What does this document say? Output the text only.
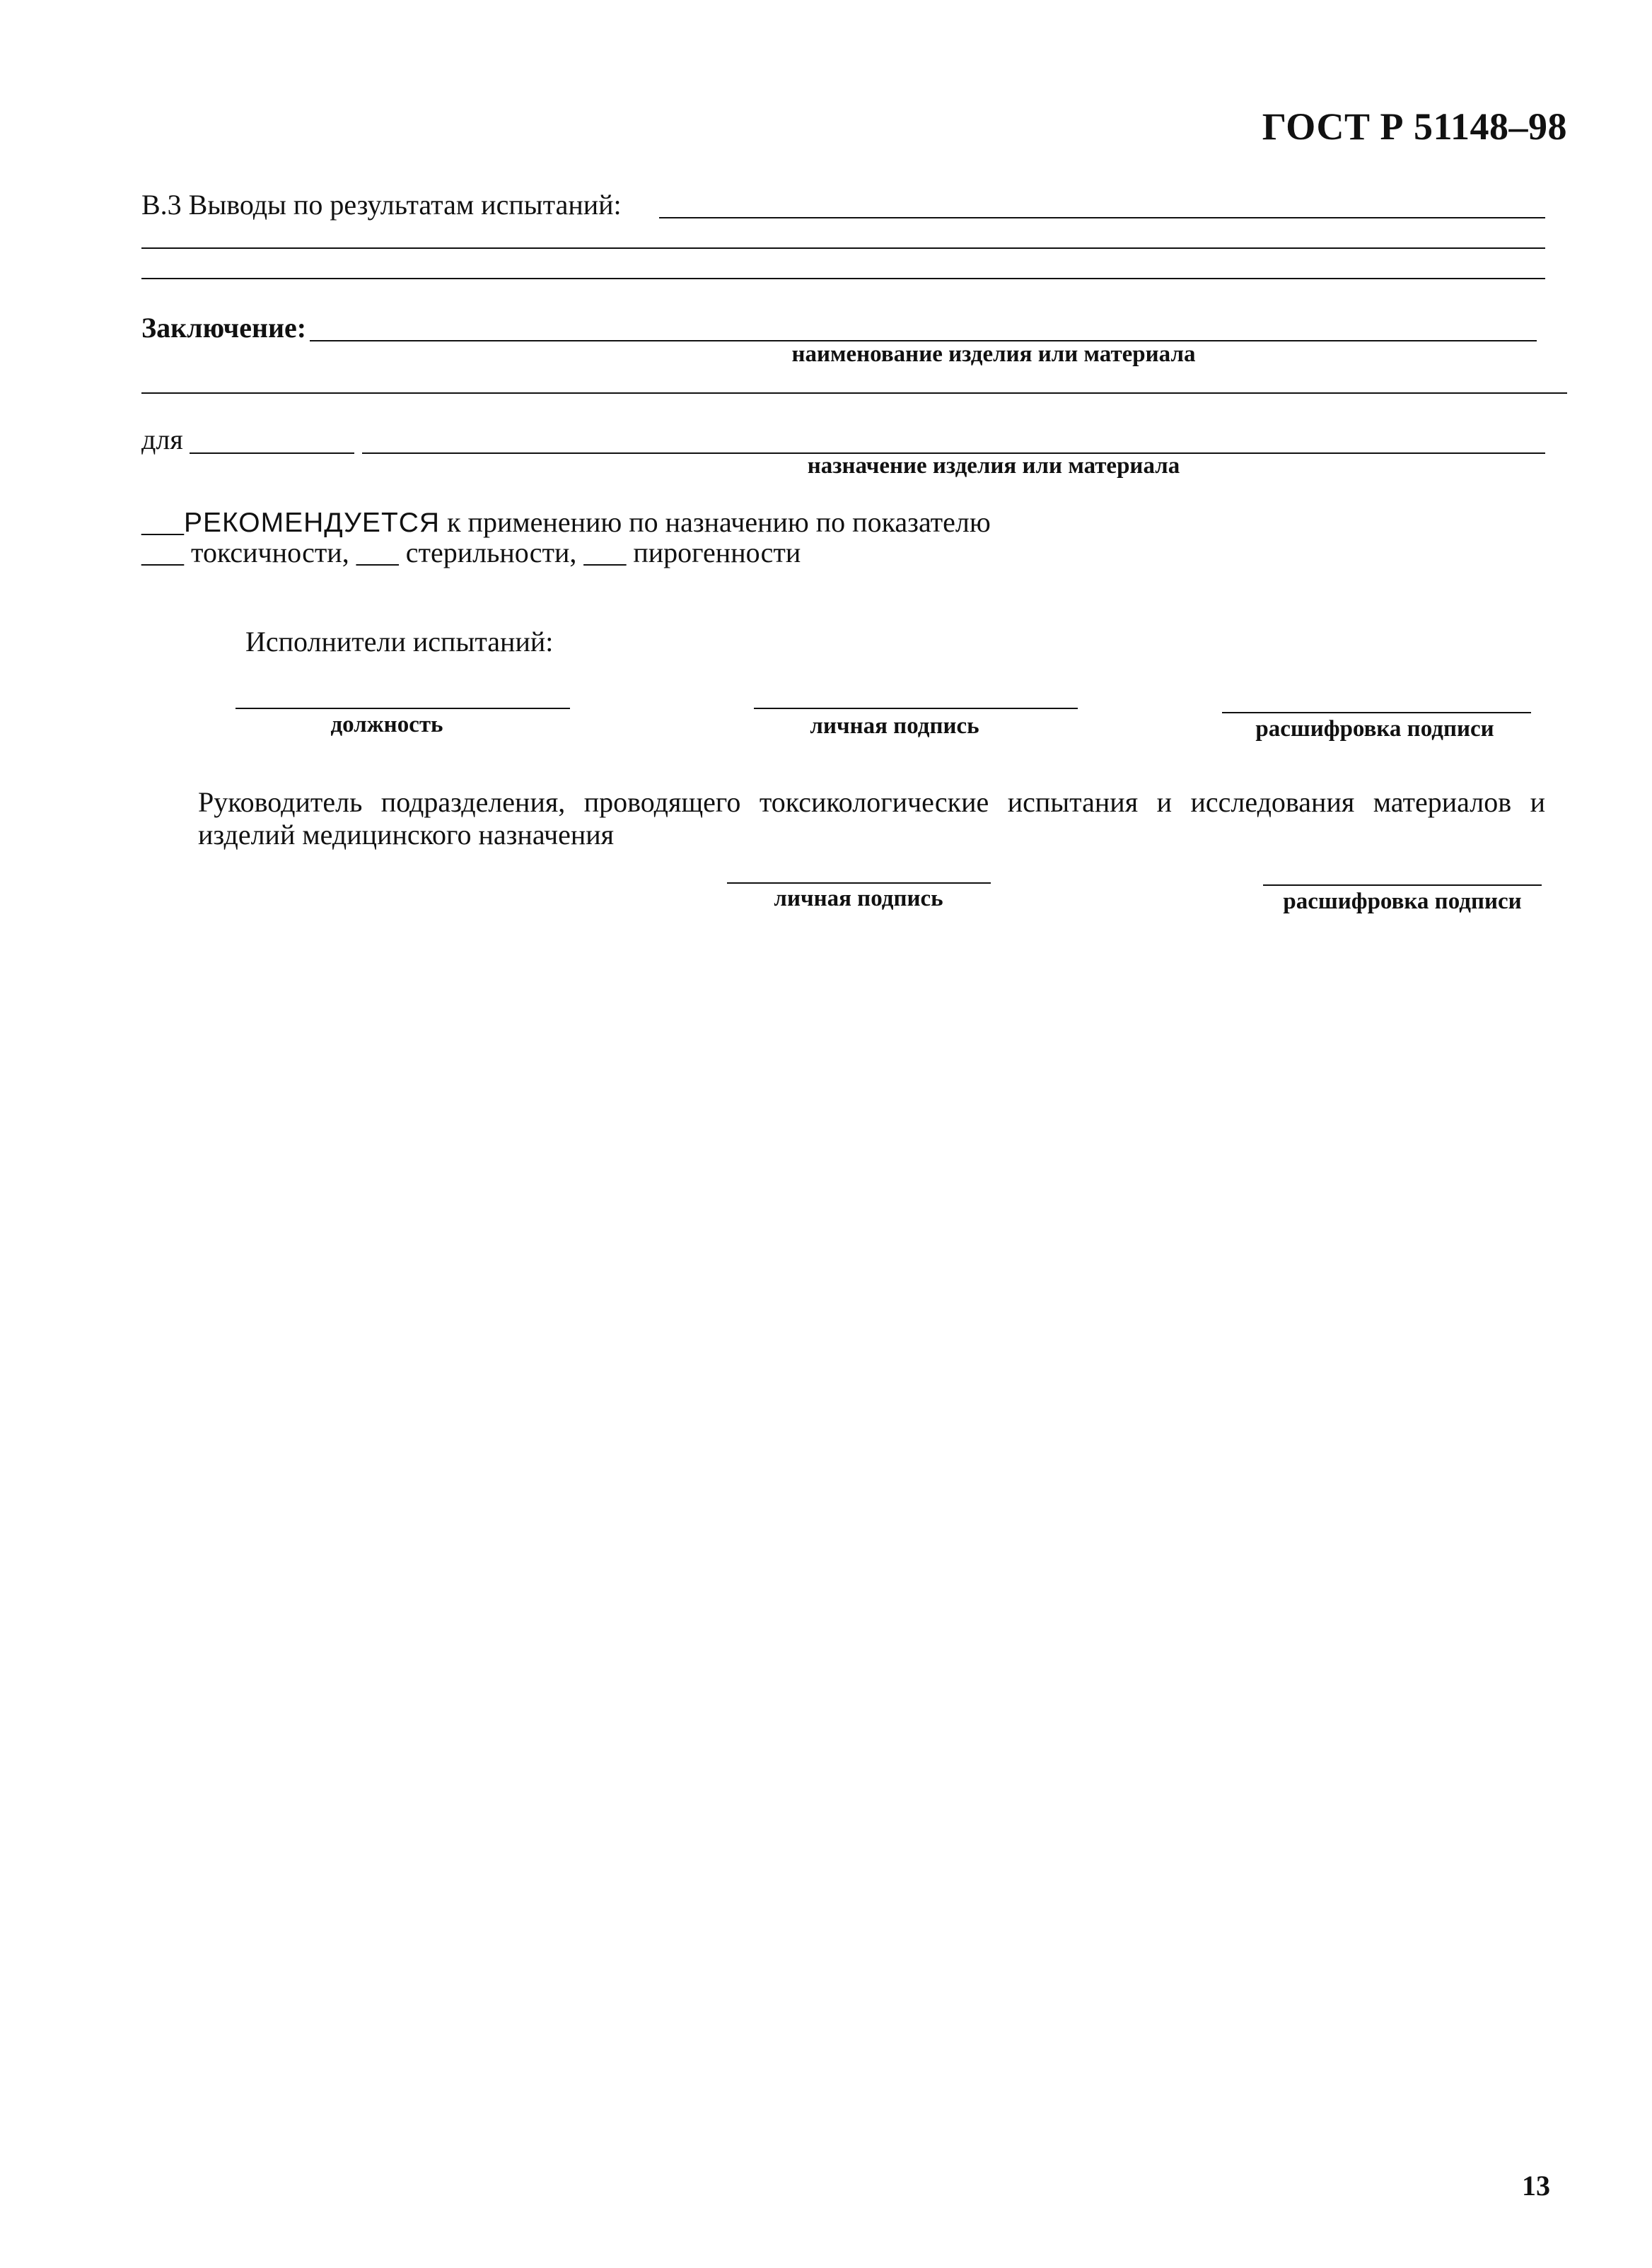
ГОСТ Р 51148–98
В.3 Выводы по результатам испытаний:
Заключение:
наименование изделия или материала
для
назначение изделия или материала
___РЕКОМЕНДУЕТСЯ к применению по назначению по показателю
___ токсичности, ___ стерильности, ___ пирогенности
Исполнители испытаний:
должность	личная подпись	расшифровка подписи
Руководитель подразделения, проводящего токсикологические испытания и исследования материалов и изделий медицинского назначения
личная подпись	расшифровка подписи
13
